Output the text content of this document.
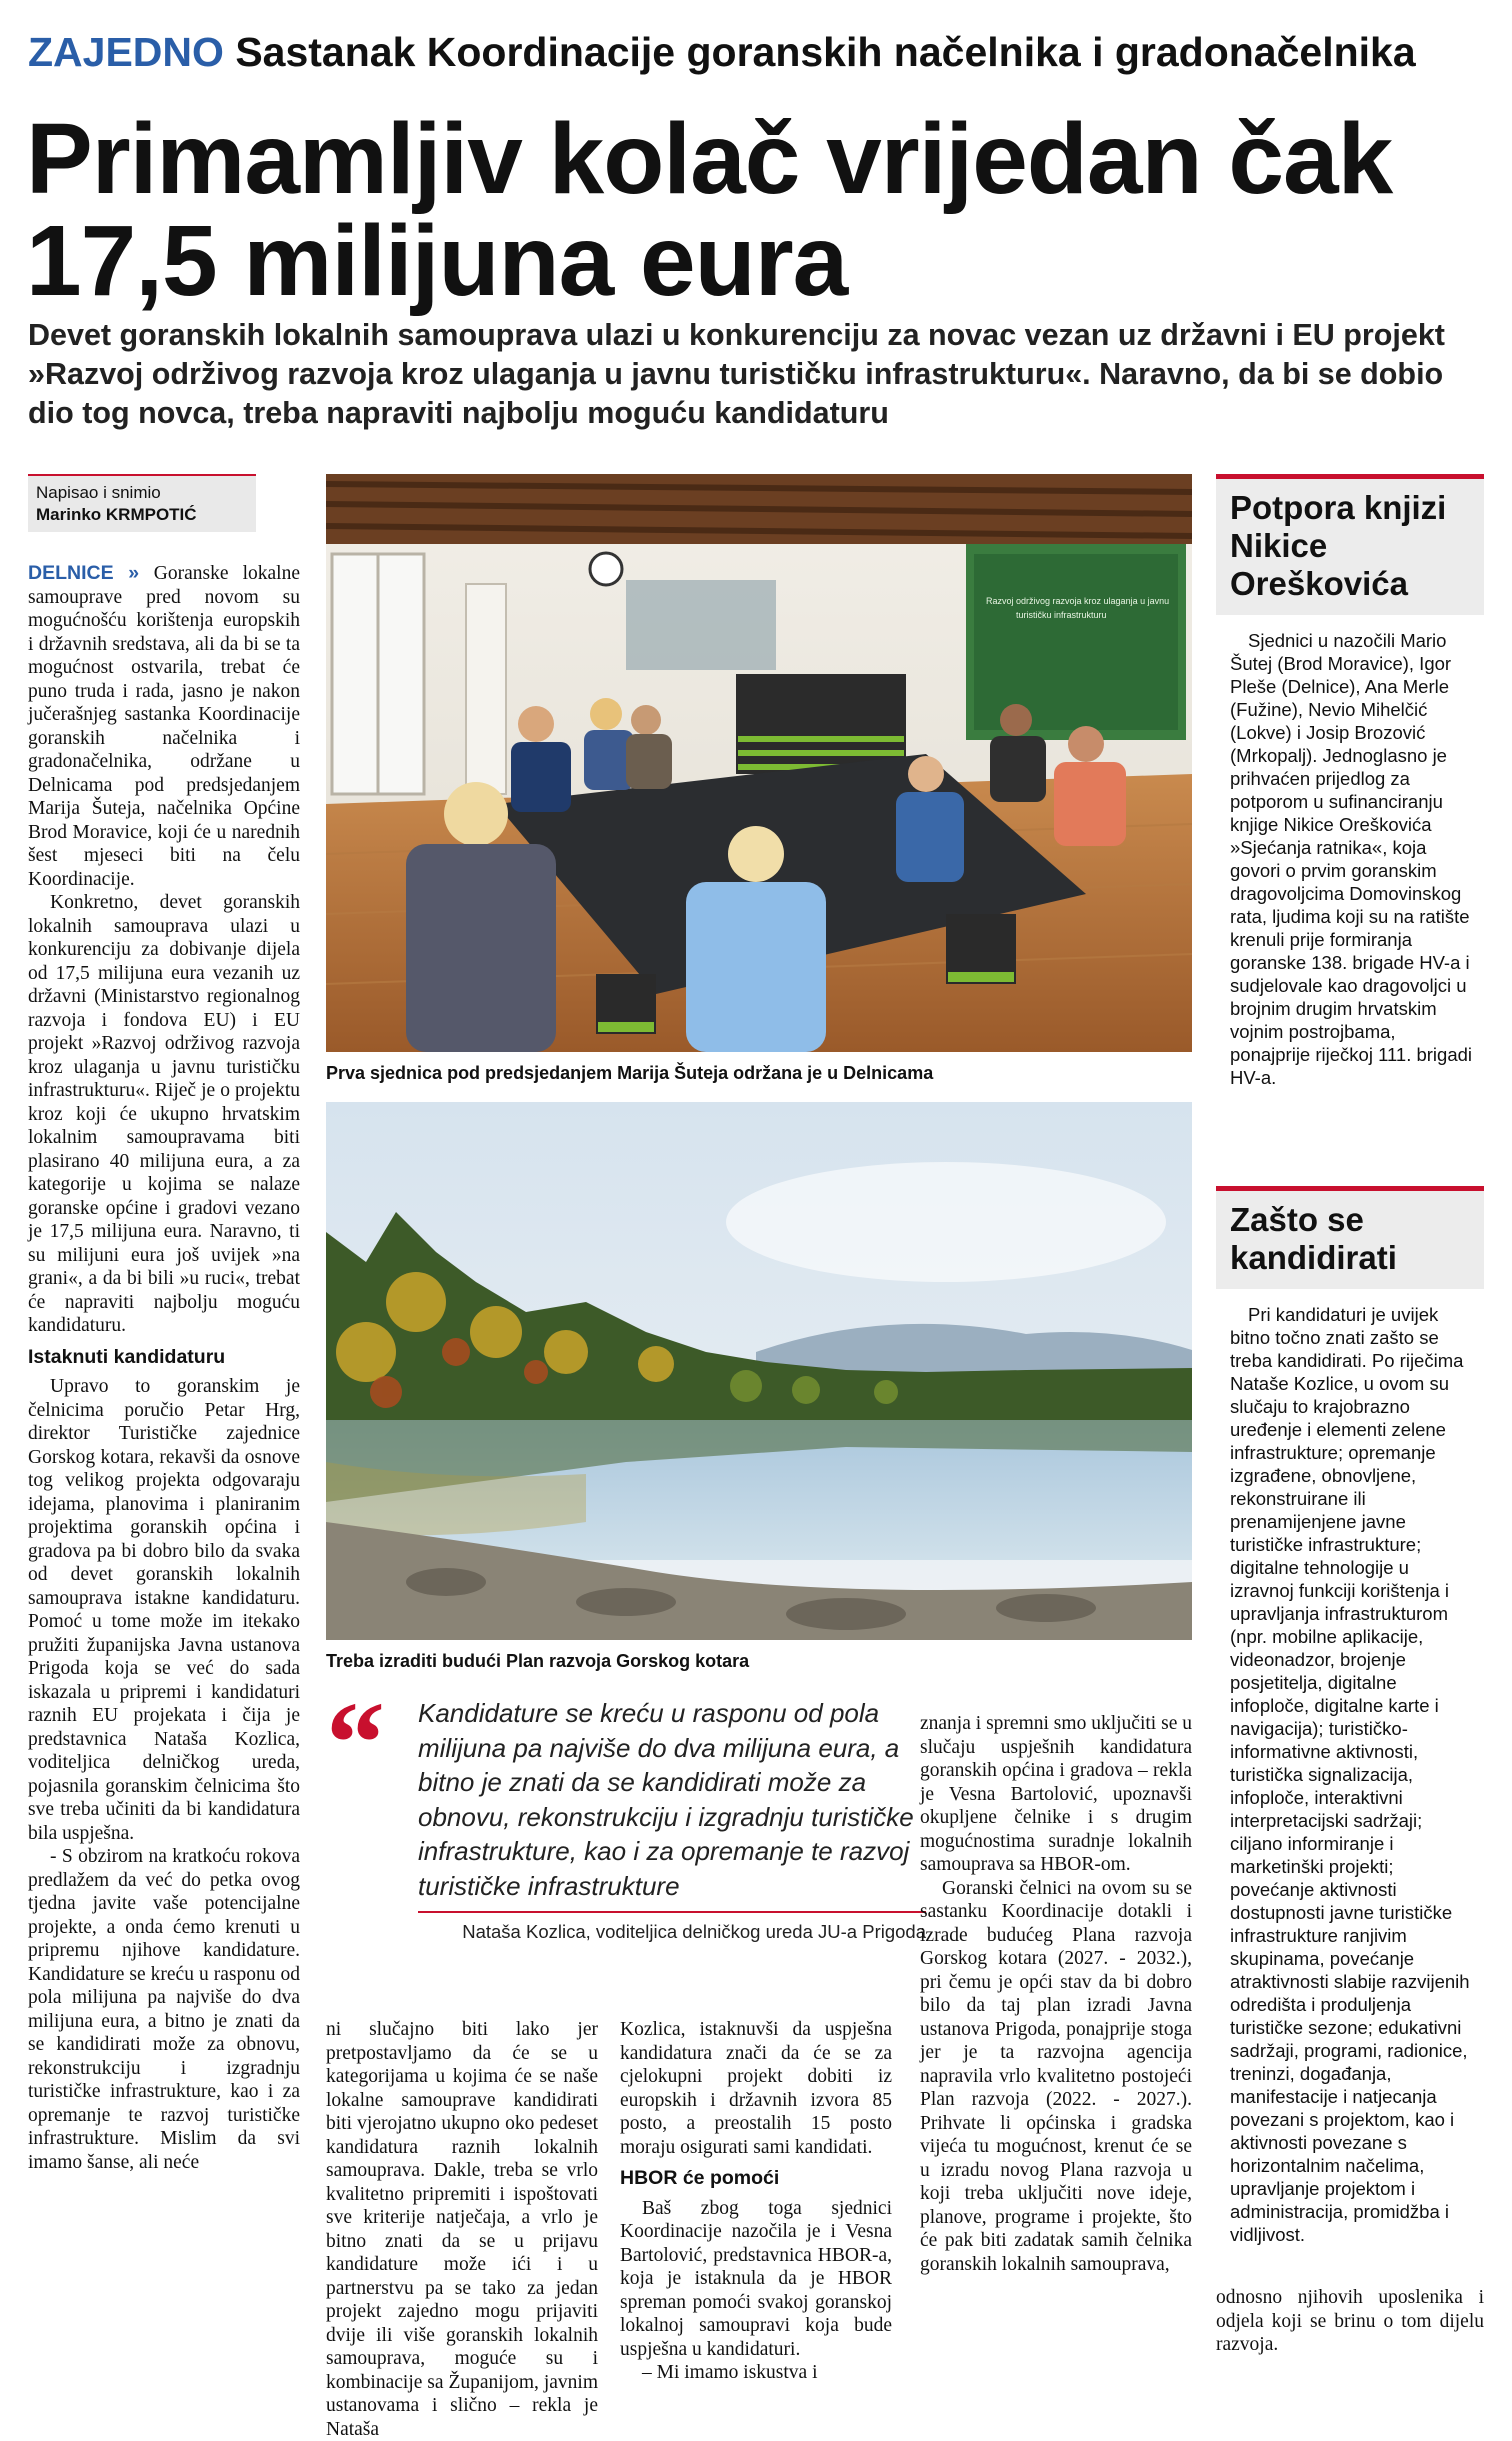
ZAJEDNO Sastanak Koordinacije goranskih načelnika i gradonačelnika
Primamljiv kolač vrijedan čak 17,5 milijuna eura

Devet goranskih lokalnih samouprava ulazi u konkurenciju za novac vezan uz državni i EU projekt »Razvoj održivog razvoja kroz ulaganja u javnu turističku infrastrukturu«. Naravno, da bi se dobio dio tog novca, treba napraviti najbolju moguću kandidaturu

Napisao i snimio
Marinko KRMPOTIĆ

DELNICE » Goranske lokalne samouprave pred novom su mogućnošću korištenja europskih i državnih sredstava, ali da bi se ta mogućnost ostvarila, trebat će puno truda i rada, jasno je nakon jučerašnjeg sastanka Koordinacije goranskih načelnika i gradonačelnika, održane u Delnicama pod predsjedanjem Marija Šuteja, načelnika Općine Brod Moravice, koji će u narednih šest mjeseci biti na čelu Koordinacije.

Konkretno, devet goranskih lokalnih samouprava ulazi u konkurenciju za dobivanje dijela od 17,5 milijuna eura vezanih uz državni (Ministarstvo regionalnog razvoja i fondova EU) i EU projekt »Razvoj održivog razvoja kroz ulaganja u javnu turističku infrastrukturu«. Riječ je o projektu kroz koji će ukupno hrvatskim lokalnim samoupravama biti plasirano 40 milijuna eura, a za kategorije u kojima se nalaze goranske općine i gradovi vezano je 17,5 milijuna eura. Naravno, ti su milijuni eura još uvijek »na grani«, a da bi bili »u ruci«, trebat će napraviti najbolju moguću kandidaturu.

Istaknuti kandidaturu

Upravo to goranskim je čelnicima poručio Petar Hrg, direktor Turističke zajednice Gorskog kotara, rekavši da osnove tog velikog projekta odgovaraju idejama, planovima i planiranim projektima goranskih općina i gradova pa bi dobro bilo da svaka od devet goranskih lokalnih samouprava istakne kandidaturu. Pomoć u tome može im itekako pružiti županijska Javna ustanova Prigoda koja se već do sada iskazala u pripremi i kandidaturi raznih EU projekata i čija je predstavnica Nataša Kozlica, voditeljica delničkog ureda, pojasnila goranskim čelnicima što sve treba učiniti da bi kandidatura bila uspješna.

- S obzirom na kratkoću rokova predlažem da već do petka ovog tjedna javite vaše potencijalne projekte, a onda ćemo krenuti u pripremu njihove kandidature. Kandidature se kreću u rasponu od pola milijuna pa najviše do dva milijuna eura, a bitno je znati da se kandidirati može za obnovu, rekonstrukciju i izgradnju turističke infrastrukture, kao i za opremanje te razvoj turističke infrastrukture. Mislim da svi imamo šanse, ali neće

Razvoj održivog razvoja kroz ulaganja u javnu
turističku infrastrukturu
Prva sjednica pod predsjedanjem Marija Šuteja održana je u Delnicama
Treba izraditi budući Plan razvoja Gorskog kotara
“ Kandidature se kreću u rasponu od pola milijuna pa najviše do dva milijuna eura, a bitno je znati da se kandidirati može za obnovu, rekonstrukciju i izgradnju turističke infrastrukture, kao i za opremanje te razvoj turističke infrastrukture
Nataša Kozlica, voditeljica delničkog ureda JU-a Prigoda

ni slučajno biti lako jer pretpostavljamo da će se u kategorijama u kojima će se naše lokalne samouprave kandidirati biti vjerojatno ukupno oko pedeset kandidatura raznih lokalnih samouprava. Dakle, treba se vrlo kvalitetno pripremiti i ispoštovati sve kriterije natječaja, a vrlo je bitno znati da se u prijavu kandidature može ići i u partnerstvu pa se tako za jedan projekt zajedno mogu prijaviti dvije ili više goranskih lokalnih samouprava, moguće su i kombinacije sa Županijom, javnim ustanovama i slično – rekla je Nataša

Kozlica, istaknuvši da uspješna kandidatura znači da će se za cjelokupni projekt dobiti iz europskih i državnih izvora 85 posto, a preostalih 15 posto moraju osigurati sami kandidati.

HBOR će pomoći

Baš zbog toga sjednici Koordinacije nazočila je i Vesna Bartolović, predstavnica HBOR-a, koja je istaknula da je HBOR spreman pomoći svakoj goranskoj lokalnoj samoupravi koja bude uspješna u kandidaturi.

– Mi imamo iskustva i

znanja i spremni smo uključiti se u slučaju uspješnih kandidatura goranskih općina i gradova – rekla je Vesna Bartolović, upoznavši okupljene čelnike i s drugim mogućnostima suradnje lokalnih samouprava sa HBOR-om.

Goranski čelnici na ovom su se sastanku Koordinacije dotakli i izrade budućeg Plana razvoja Gorskog kotara (2027. - 2032.), pri čemu je opći stav da bi dobro bilo da taj plan izradi Javna ustanova Prigoda, ponajprije stoga jer je ta razvojna agencija napravila vrlo kvalitetno postojeći Plan razvoja (2022. - 2027.). Prihvate li općinska i gradska vijeća tu mogućnost, krenut će se u izradu novog Plana razvoja u koji treba uključiti nove ideje, planove, programe i projekte, što će pak biti zadatak samih čelnika goranskih lokalnih samouprava,

Potpora knjizi Nikice Oreškovića

Sjednici u nazočili Mario Šutej (Brod Moravice), Igor Pleše (Delnice), Ana Merle (Fužine), Nevio Mihelčić (Lokve) i Josip Brozović (Mrkopalj). Jednoglasno je prihvaćen prijedlog za potporom u sufinanciranju knjige Nikice Oreškovića »Sjećanja ratnika«, koja govori o prvim goranskim dragovoljcima Domovinskog rata, ljudima koji su na ratište krenuli prije formiranja goranske 138. brigade HV-a i sudjelovale kao dragovoljci u brojnim drugim hrvatskim vojnim postrojbama, ponajprije riječkoj 111. brigadi HV-a.

Zašto se kandidirati

Pri kandidaturi je uvijek bitno točno znati zašto se treba kandidirati. Po riječima Nataše Kozlice, u ovom su slučaju to krajobrazno uređenje i elementi zelene infrastrukture; opremanje izgrađene, obnovljene, rekonstruirane ili prenamijenjene javne turističke infrastrukture; digitalne tehnologije u izravnoj funkciji korištenja i upravljanja infrastrukturom (npr. mobilne aplikacije, videonadzor, brojenje posjetitelja, digitalne infoploče, digitalne karte i navigacija); turističko-informativne aktivnosti, turistička signalizacija, infoploče, interaktivni interpretacijski sadržaji; ciljano informiranje i marketinški projekti; povećanje aktivnosti dostupnosti javne turističke infrastrukture ranjivim skupinama, povećanje atraktivnosti slabije razvijenih odredišta i produljenja turističke sezone; edukativni sadržaji, programi, radionice, treninzi, događanja, manifestacije i natjecanja povezani s projektom, kao i aktivnosti povezane s horizontalnim načelima, upravljanje projektom i administracija, promidžba i vidljivost.

odnosno njihovih uposlenika i odjela koji se brinu o tom dijelu razvoja.
